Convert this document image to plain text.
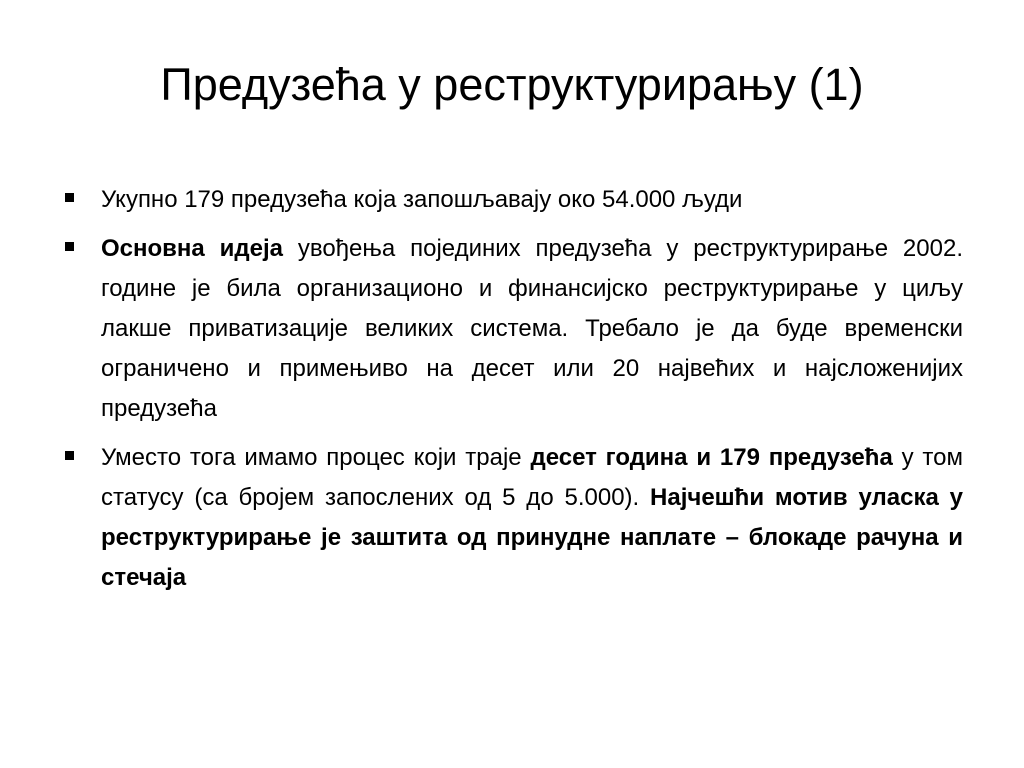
Предузећа у реструктурирању (1)
Укупно 179 предузећа која запошљавају око 54.000 људи
Основна идеја увођења појединих предузећа у реструктурирање 2002. године је била организационо и финансијско реструктурирање у циљу лакше приватизације великих система. Требало је да буде временски ограничено и примењиво на десет или 20 највећих и најсложенијих предузећа
Уместо тога имамо процес који траје десет година и 179 предузећа у том статусу (са бројем запослених од 5 до 5.000). Најчешћи мотив уласка у реструктурирање је заштита од принудне наплате – блокаде рачуна и стечаја
